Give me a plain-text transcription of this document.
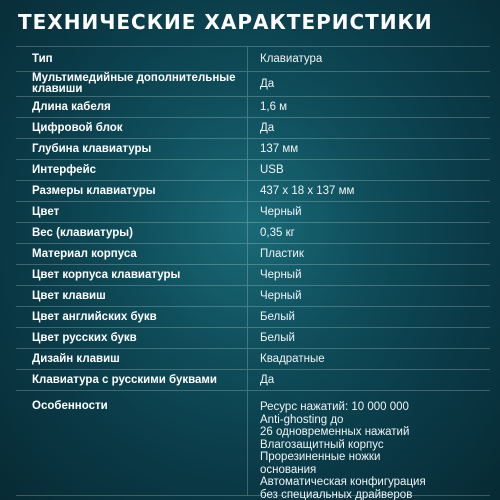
ТЕХНИЧЕСКИЕ ХАРАКТЕРИСТИКИ
Тип	Клавиатура
Мультимедийные дополнительные клавиши	Да
Длина кабеля	1,6 м
Цифровой блок	Да
Глубина клавиатуры	137 мм
Интерфейс	USB
Размеры клавиатуры	437 х 18 х 137 мм
Цвет	Черный
Вес (клавиатуры)	0,35 кг
Материал корпуса	Пластик
Цвет корпуса клавиатуры	Черный
Цвет клавиш	Черный
Цвет английских букв	Белый
Цвет русских букв	Белый
Дизайн клавиш	Квадратные
Клавиатура с русскими буквами	Да
Особенности	Ресурс нажатий: 10 000 000
Anti-ghosting до
26 одновременных нажатий
Влагозащитный корпус
Прорезиненные ножки
основания
Автоматическая конфигурация
без специальных драйверов
